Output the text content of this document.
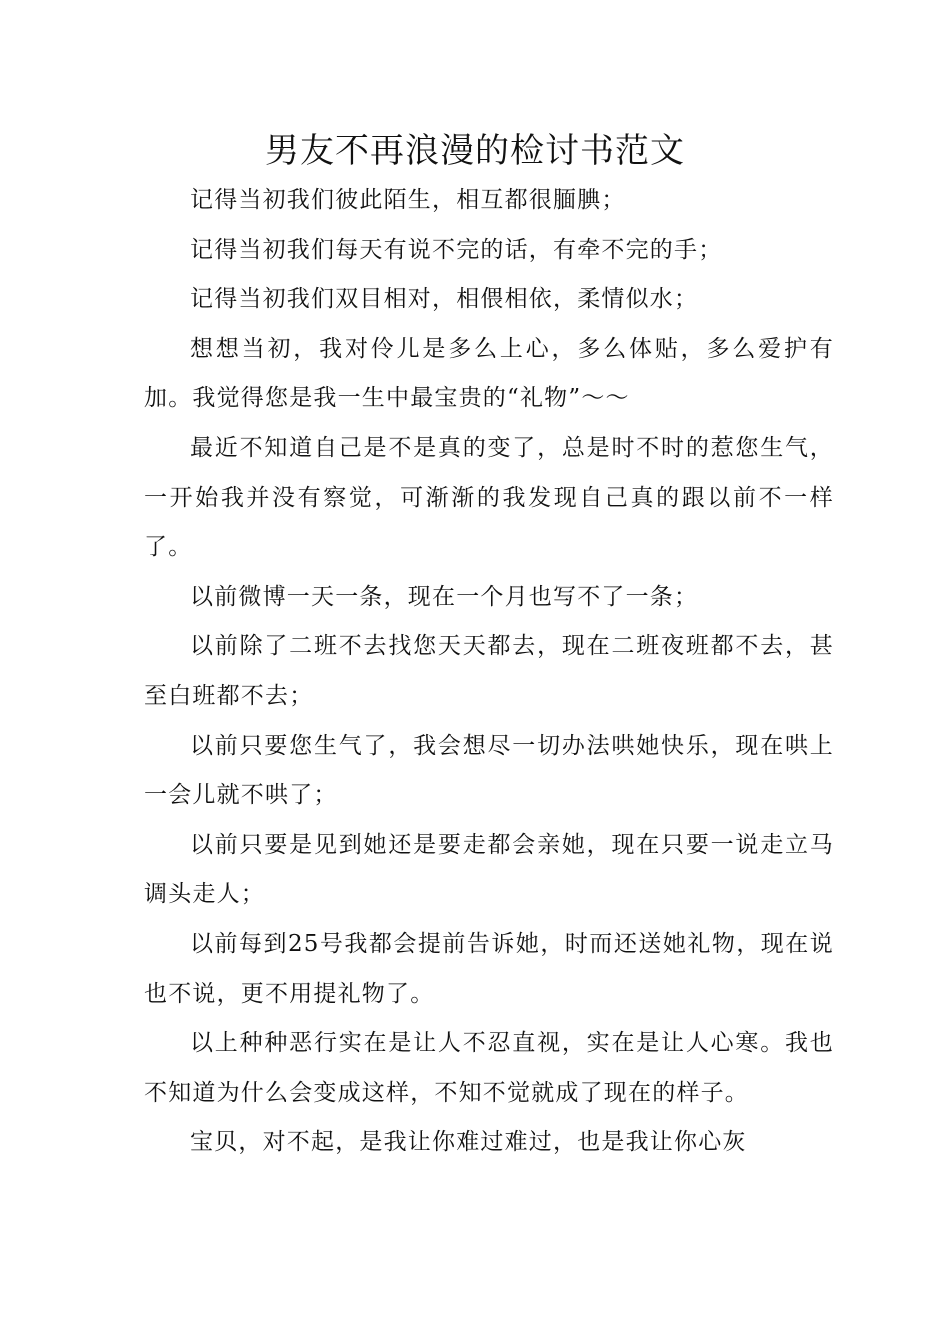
男友不再浪漫的检讨书范文

记得当初我们彼此陌生，相互都很腼腆；

记得当初我们每天有说不完的话，有牵不完的手；

记得当初我们双目相对，相偎相依，柔情似水；

想想当初，我对伶儿是多么上心，多么体贴，多么爱护有加。我觉得您是我一生中最宝贵的“礼物”～～

最近不知道自己是不是真的变了，总是时不时的惹您生气，一开始我并没有察觉，可渐渐的我发现自己真的跟以前不一样了。

以前微博一天一条，现在一个月也写不了一条；

以前除了二班不去找您天天都去，现在二班夜班都不去，甚至白班都不去；

以前只要您生气了，我会想尽一切办法哄她快乐，现在哄上一会儿就不哄了；

以前只要是见到她还是要走都会亲她，现在只要一说走立马调头走人；

以前每到25号我都会提前告诉她，时而还送她礼物，现在说也不说，更不用提礼物了。

以上种种恶行实在是让人不忍直视，实在是让人心寒。我也不知道为什么会变成这样，不知不觉就成了现在的样子。

宝贝，对不起，是我让你难过难过，也是我让你心灰
